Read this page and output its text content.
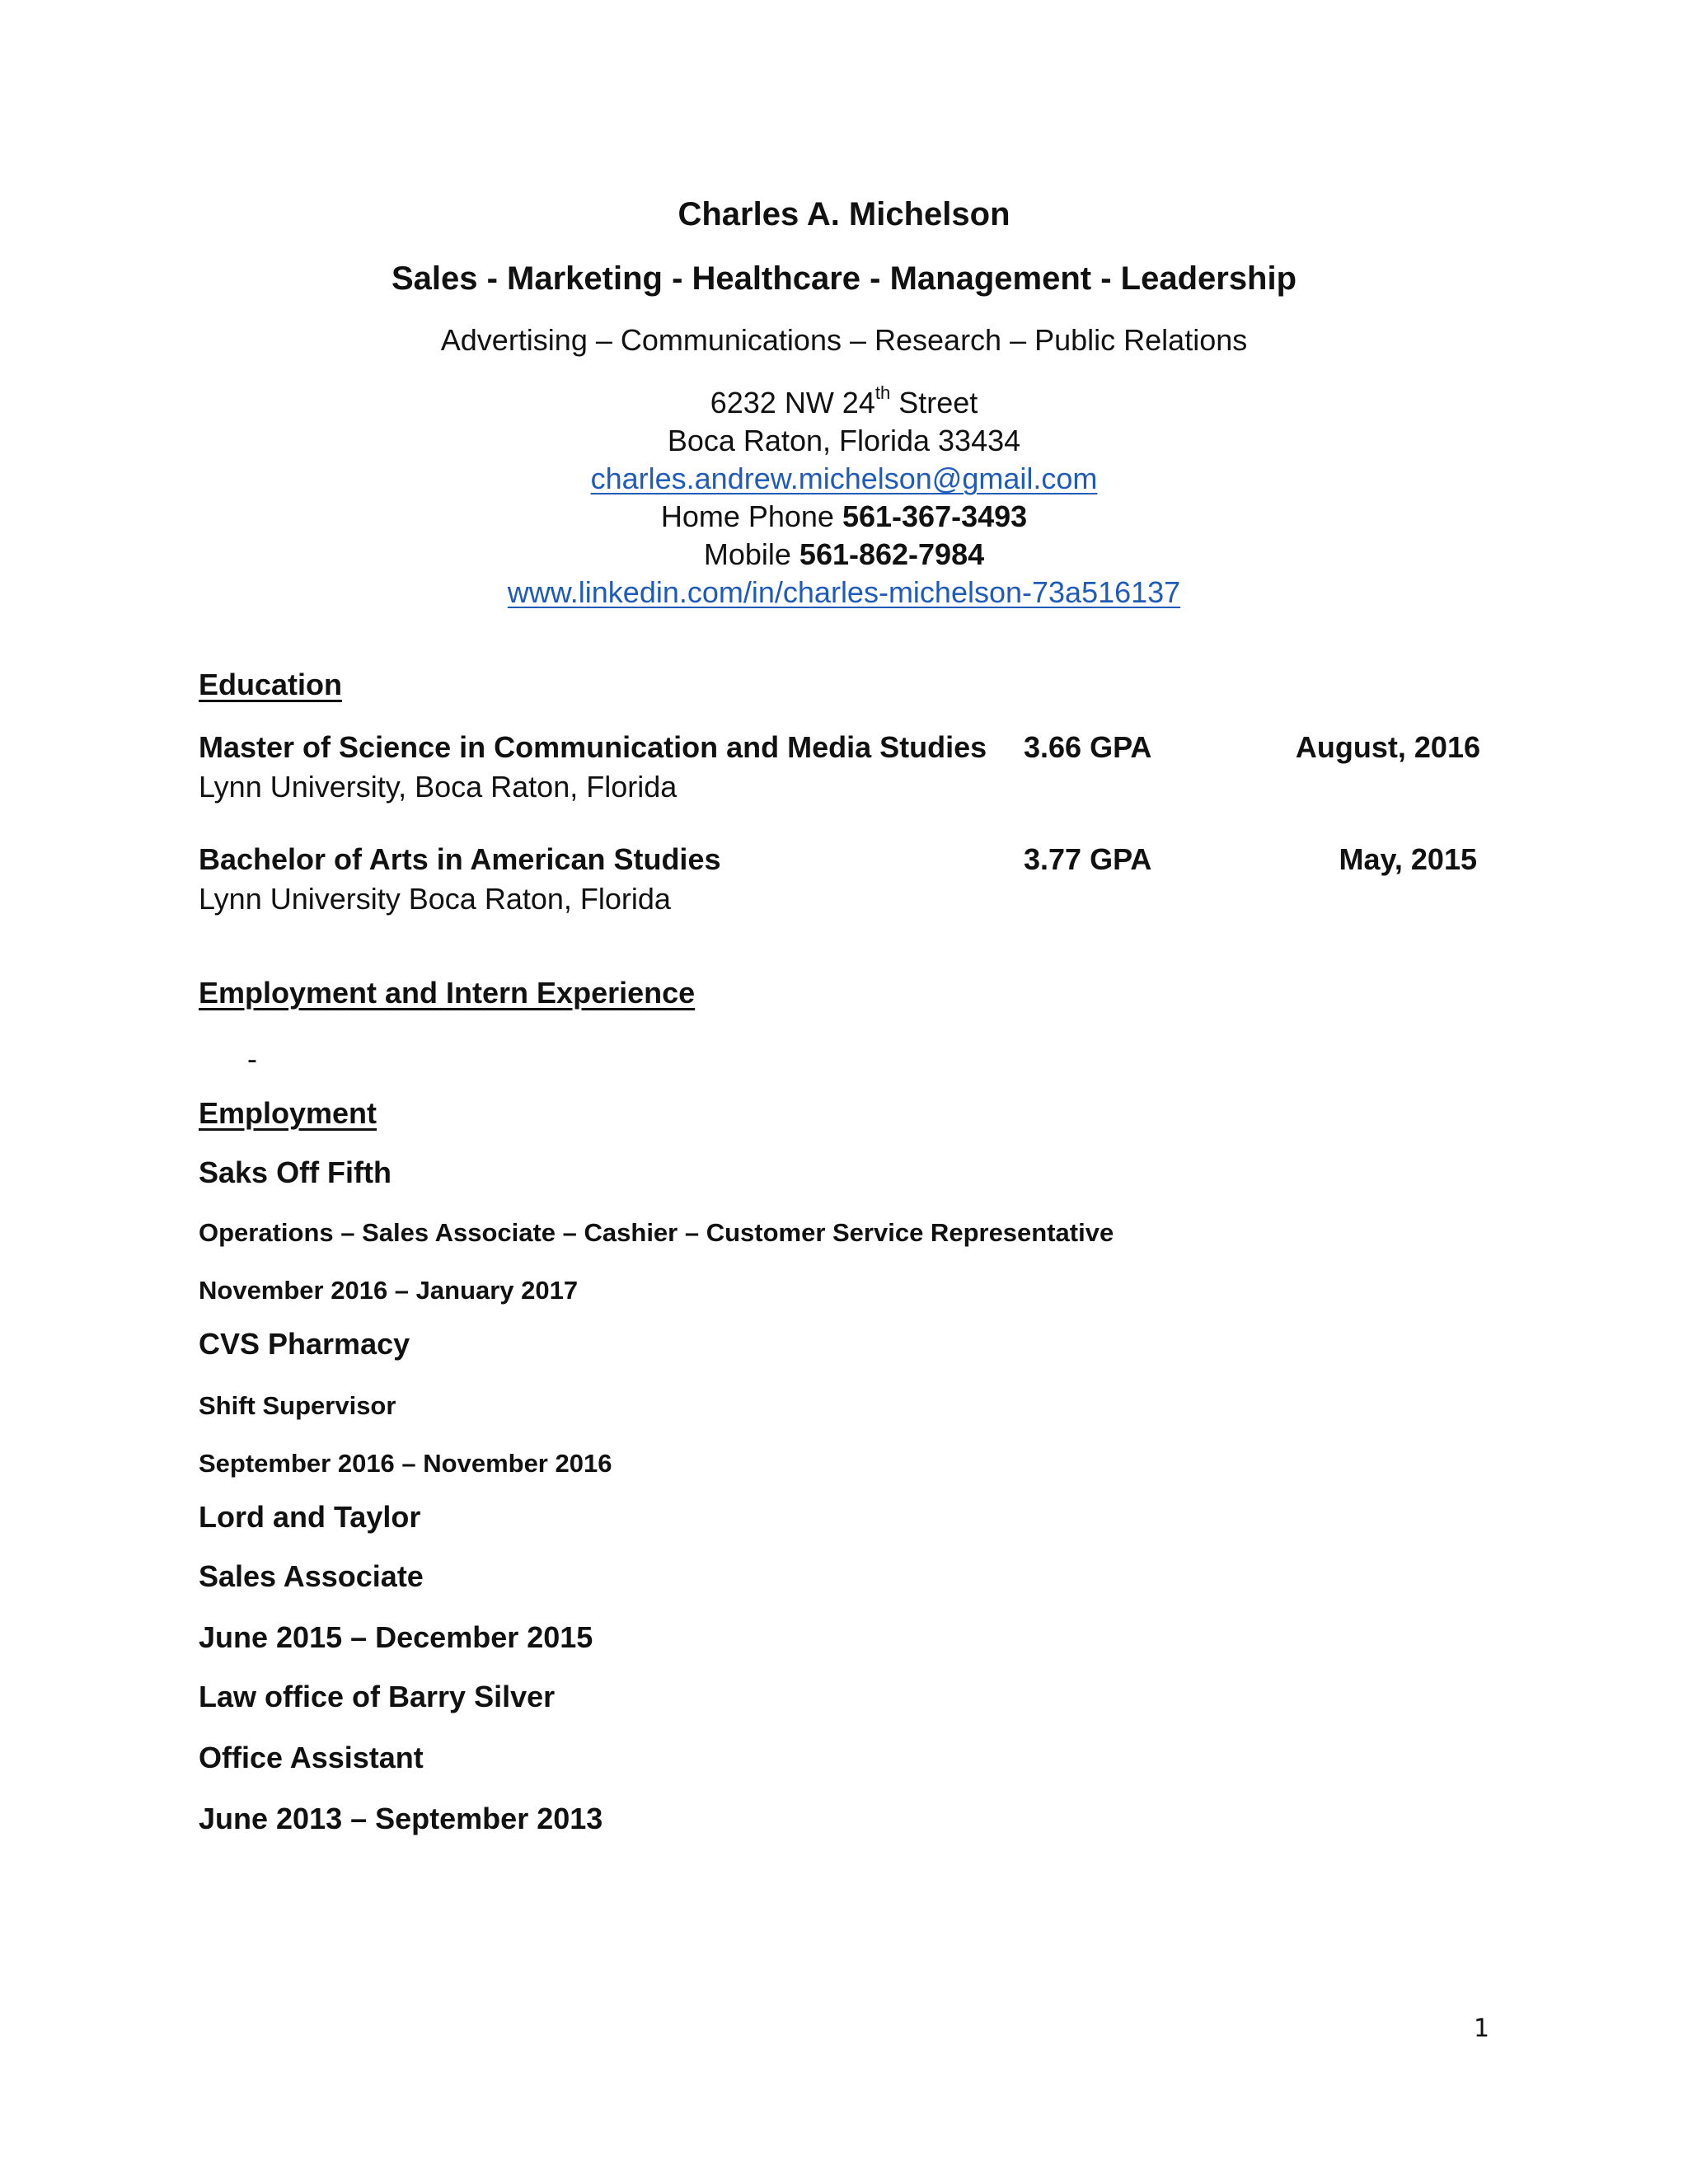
Charles A. Michelson
Sales - Marketing - Healthcare - Management - Leadership
Advertising – Communications – Research – Public Relations
6232 NW 24th Street
Boca Raton, Florida 33434
charles.andrew.michelson@gmail.com
Home Phone 561-367-3493
Mobile 561-862-7984
www.linkedin.com/in/charles-michelson-73a516137
Education
Master of Science in Communication and Media Studies 3.66 GPA	August, 2016
Lynn University, Boca Raton, Florida
Bachelor of Arts in American Studies	3.77 GPA	May, 2015
Lynn University Boca Raton, Florida
Employment and Intern Experience
-
Employment
Saks Off Fifth
Operations – Sales Associate – Cashier – Customer Service Representative
November 2016 – January 2017
CVS Pharmacy
Shift Supervisor
September 2016 – November 2016
Lord and Taylor
Sales Associate
June 2015 – December 2015
Law office of Barry Silver
Office Assistant
June 2013 – September 2013
1
